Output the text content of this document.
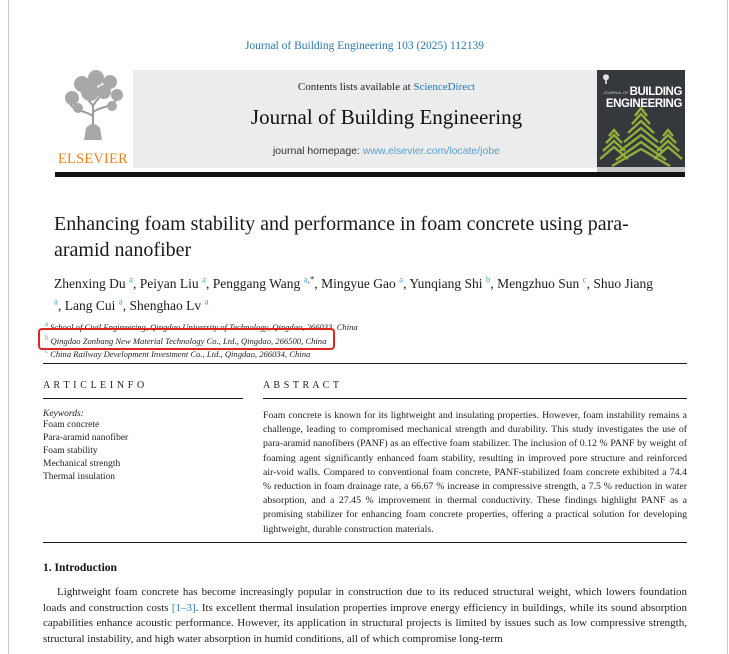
Journal of Building Engineering 103 (2025) 112139
ELSEVIER
Contents lists available at ScienceDirect
Journal of Building Engineering
journal homepage: www.elsevier.com/locate/jobe
JOURNAL OFBUILDING
ENGINEERING
Enhancing foam stability and performance in foam concrete using para-aramid nanofiber
Zhenxing Du $^a$, Peiyan Liu $^a$, Penggang Wang $^{a,*}$, Mingyue Gao $^a$, Yunqiang Shi $^b$, Mengzhuo Sun $^c$, Shuo Jiang $^a$, Lang Cui $^a$, Shenghao Lv $^a$
$^a$ School of Civil Engineering, Qingdao University of Technology, Qingdao, 266033, China
$^b$ Qingdao Zonbang New Material Technology Co., Ltd., Qingdao, 266500, China
$^c$ China Railway Development Investment Co., Ltd., Qingdao, 266034, China
A R T I C L E I N F O
Keywords:
Foam concrete
Para-aramid nanofiber
Foam stability
Mechanical strength
Thermal insulation
A B S T R A C T
Foam concrete is known for its lightweight and insulating properties. However, foam instability remains a challenge, leading to compromised mechanical strength and durability. This study investigates the use of para-aramid nanofibers (PANF) as an effective foam stabilizer. The inclusion of 0.12 % PANF by weight of foaming agent significantly enhanced foam stability, resulting in improved pore structure and reinforced air-void walls. Compared to conventional foam concrete, PANF-stabilized foam concrete exhibited a 74.4 % reduction in foam drainage rate, a 66.67 % increase in compressive strength, a 7.5 % reduction in water absorption, and a 27.45 % improvement in thermal conductivity. These findings highlight PANF as a promising stabilizer for enhancing foam concrete properties, offering a practical solution for developing lightweight, durable construction materials.
1. Introduction

Lightweight foam concrete has become increasingly popular in construction due to its reduced structural weight, which lowers foundation loads and construction costs [1–3]. Its excellent thermal insulation properties improve energy efficiency in buildings, while its sound absorption capabilities enhance acoustic performance. However, its application in structural projects is limited by issues such as low compressive strength, structural instability, and high water absorption in humid conditions, all of which compromise long-term
